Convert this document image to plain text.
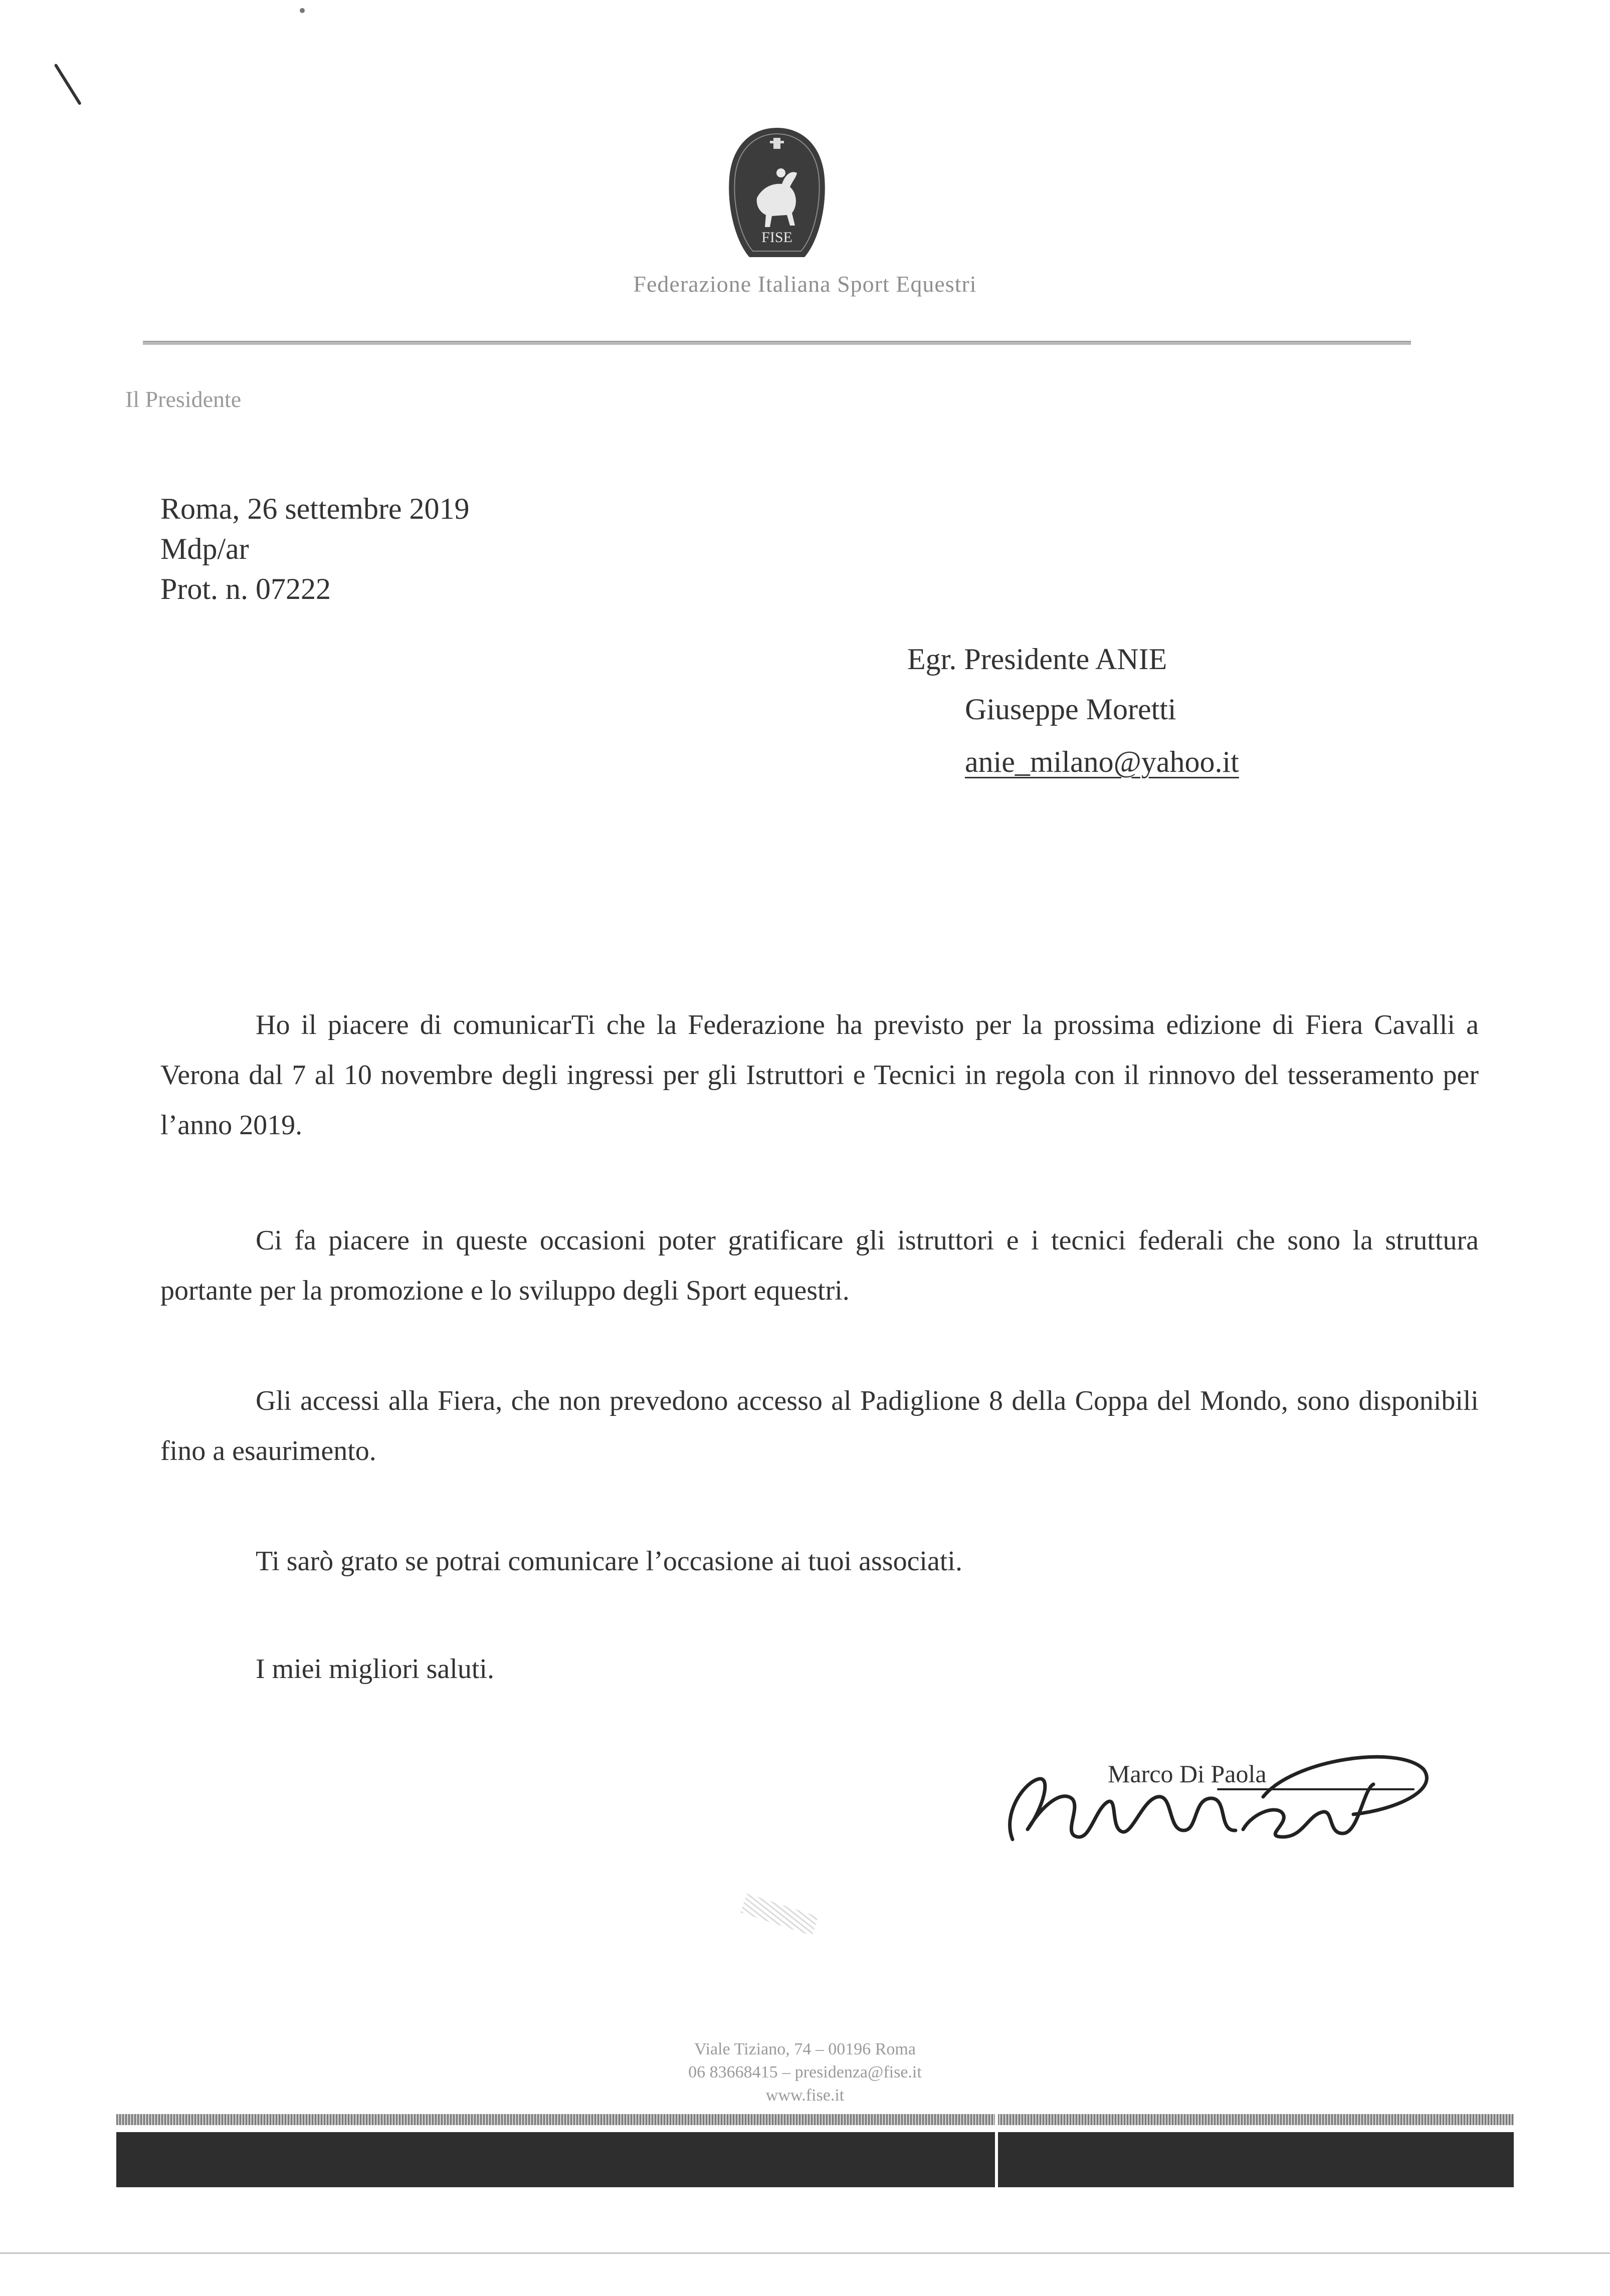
FISE
Federazione Italiana Sport Equestri
Il Presidente
Roma, 26 settembre 2019
Mdp/ar
Prot. n. 07222
Egr. Presidente ANIE
Giuseppe Moretti
anie_milano@yahoo.it

Ho il piacere di comunicarTi che la Federazione ha previsto per la prossima edizione di Fiera Cavalli a Verona dal 7 al 10 novembre degli ingressi per gli Istruttori e Tecnici in regola con il rinnovo del tesseramento per l’anno 2019.

Ci fa piacere in queste occasioni poter gratificare gli istruttori e i tecnici federali che sono la struttura portante per la promozione e lo sviluppo degli Sport equestri.

Gli accessi alla Fiera, che non prevedono accesso al Padiglione 8 della Coppa del Mondo, sono disponibili fino a esaurimento.

Ti sarò grato se potrai comunicare l’occasione ai tuoi associati.

I miei migliori saluti.

Marco Di Paola
Viale Tiziano, 74 – 00196 Roma
06 83668415 – presidenza@fise.it
www.fise.it
